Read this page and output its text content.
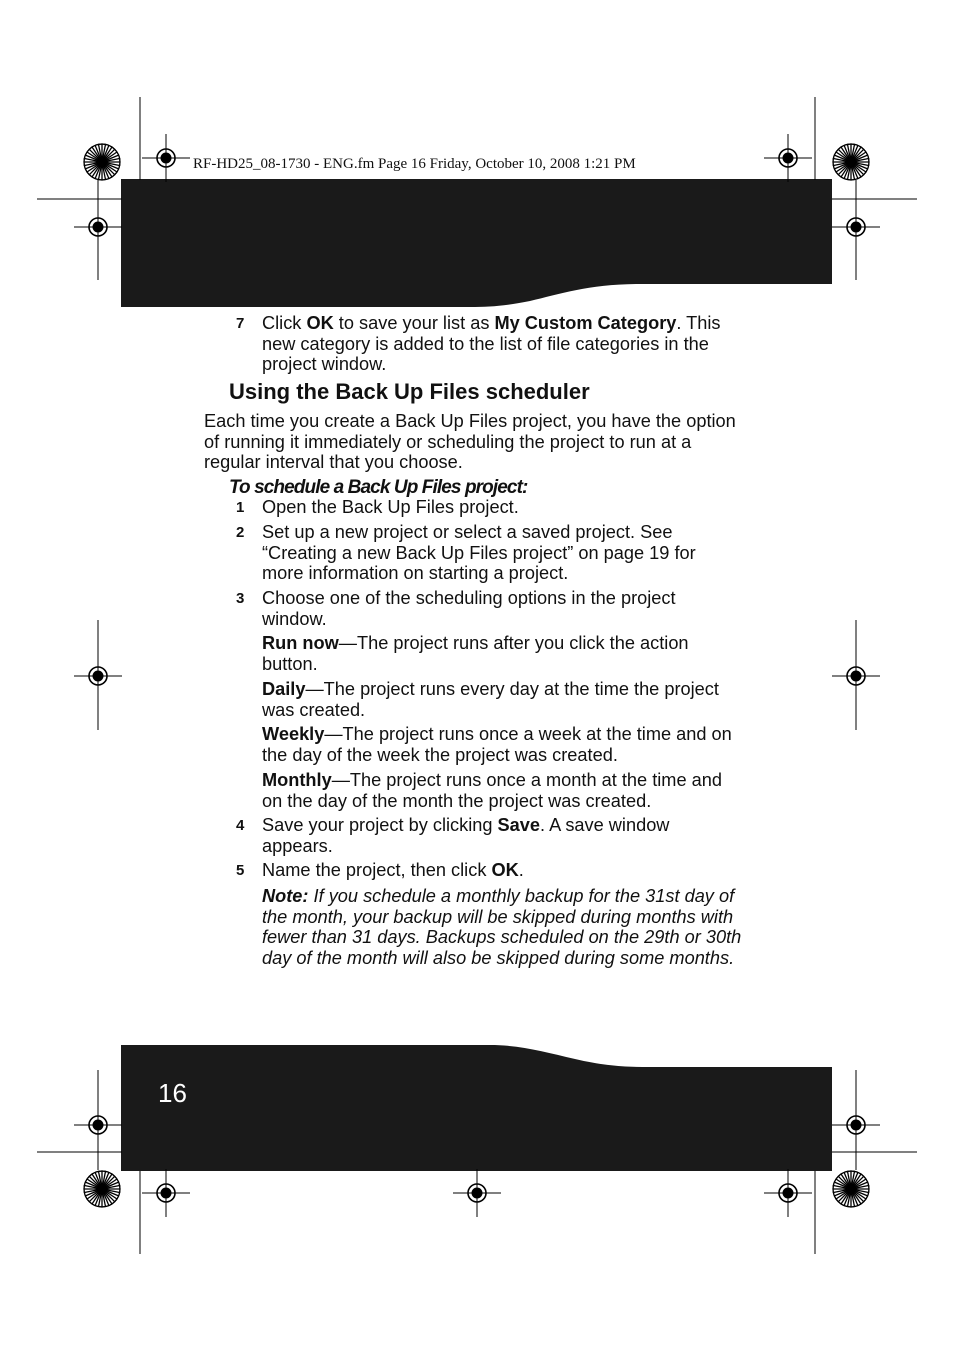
RF-HD25_08-1730 - ENG.fm Page 16 Friday, October 10, 2008 1:21 PM
7 Click OK to save your list as My Custom Category. This new category is added to the list of file categories in the project window.

Using the Back Up Files scheduler

Each time you create a Back Up Files project, you have the option of running it immediately or scheduling the project to run at a regular interval that you choose.

To schedule a Back Up Files project:
1 Open the Back Up Files project.

2 Set up a new project or select a saved project. See “Creating a new Back Up Files project” on page 19 for more information on starting a project.

3 Choose one of the scheduling options in the project window.

Run now—The project runs after you click the action button.

Daily—The project runs every day at the time the project was created.

Weekly—The project runs once a week at the time and on the day of the week the project was created.

Monthly—The project runs once a month at the time and on the day of the month the project was created.

4 Save your project by clicking Save. A save window appears.

5 Name the project, then click OK.

Note: If you schedule a monthly backup for the 31st day of the month, your backup will be skipped during months with fewer than 31 days. Backups scheduled on the 29th or 30th day of the month will also be skipped during some months.

16
